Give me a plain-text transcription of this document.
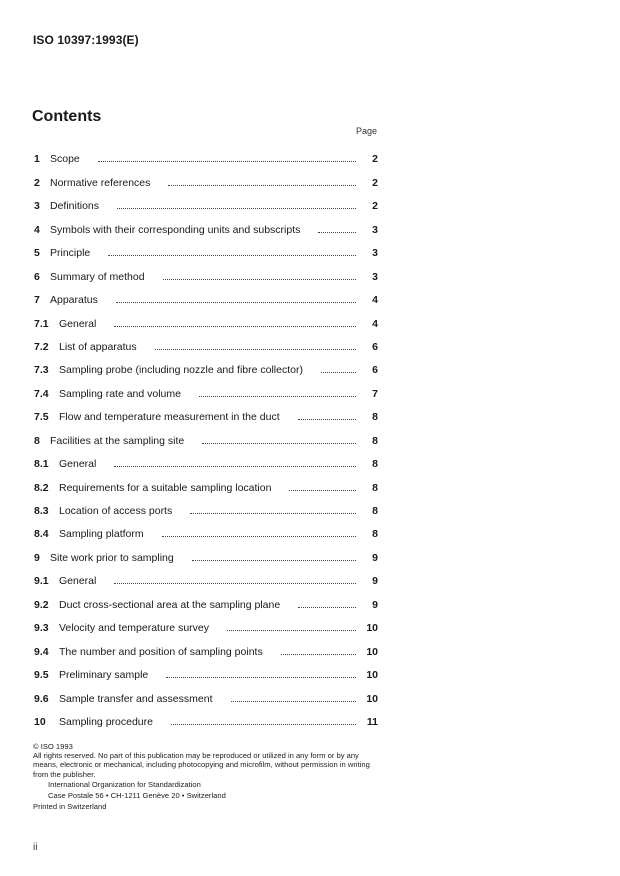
ISO 10397:1993(E)
Contents
Page
1 Scope	2
2 Normative references	2
3 Definitions	2
4 Symbols with their corresponding units and subscripts	3
5 Principle	3
6 Summary of method	3
7 Apparatus	4
7.1 General	4
7.2 List of apparatus	6
7.3 Sampling probe (including nozzle and fibre collector)	6
7.4 Sampling rate and volume	7
7.5 Flow and temperature measurement in the duct	8
8 Facilities at the sampling site	8
8.1 General	8
8.2 Requirements for a suitable sampling location	8
8.3 Location of access ports	8
8.4 Sampling platform	8
9 Site work prior to sampling	9
9.1 General	9
9.2 Duct cross-sectional area at the sampling plane	9
9.3 Velocity and temperature survey	10
9.4 The number and position of sampling points	10
9.5 Preliminary sample	10
9.6 Sample transfer and assessment	10
10	Sampling procedure	11

© ISO 1993

All rights reserved. No part of this publication may be reproduced or utilized in any form or by any means, electronic or mechanical, including photocopying and microfilm, without permission in writing from the publisher.

International Organization for Standardization

Case Postale 56 • CH-1211 Genève 20 • Switzerland

Printed in Switzerland

ii
